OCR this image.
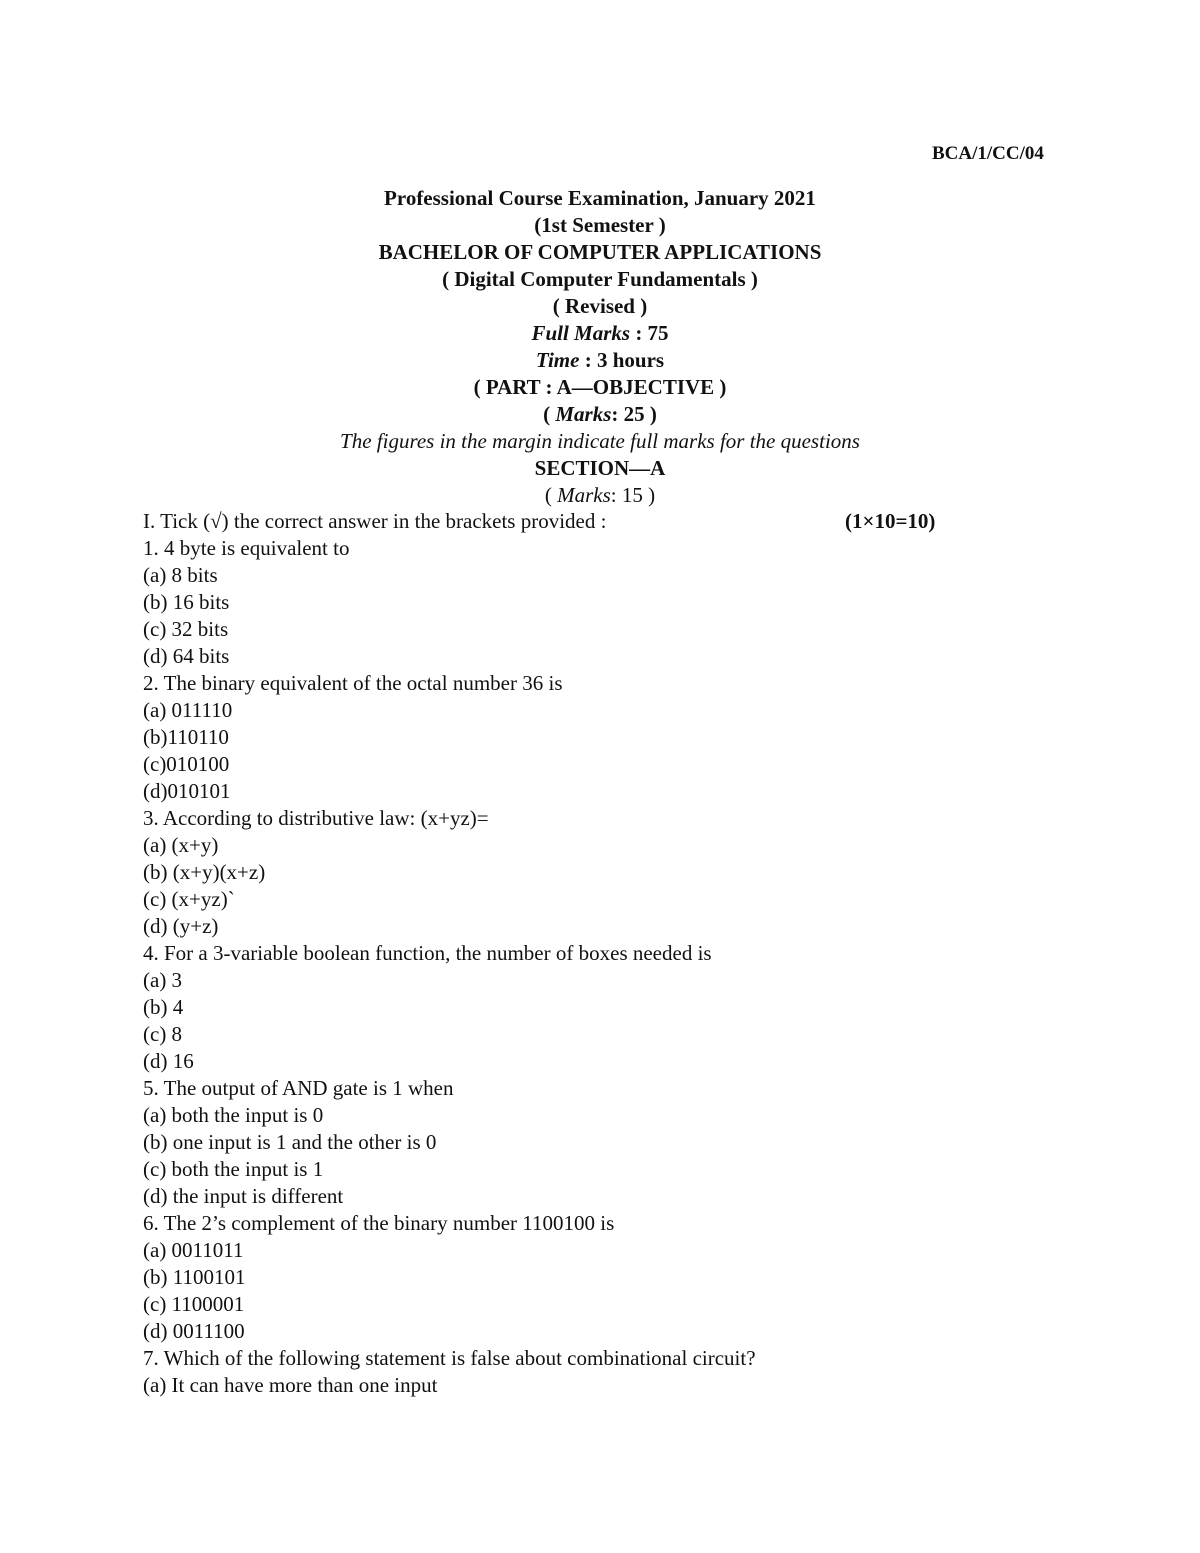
BCA/1/CC/04
Professional Course Examination, January 2021
(1st Semester )
BACHELOR OF COMPUTER APPLICATIONS
( Digital Computer Fundamentals )
( Revised )
Full Marks : 75
Time : 3 hours
( PART : A—OBJECTIVE )
( Marks: 25 )
The figures in the margin indicate full marks for the questions
SECTION—A
( Marks: 15 )
I. Tick (√) the correct answer in the brackets provided :	(1×10=10)
1. 4 byte is equivalent to
(a) 8 bits
(b) 16 bits
(c) 32 bits
(d) 64 bits
2. The binary equivalent of the octal number 36 is
(a) 011110
(b)110110
(c)010100
(d)010101
3. According to distributive law: (x+yz)=
(a) (x+y)
(b) (x+y)(x+z)
(c) (x+yz)`
(d) (y+z)
4. For a 3-variable boolean function, the number of boxes needed is
(a) 3
(b) 4
(c) 8
(d) 16
5. The output of AND gate is 1 when
(a) both the input is 0
(b) one input is 1 and the other is 0
(c) both the input is 1
(d) the input is different
6. The 2’s complement of the binary number 1100100 is
(a) 0011011
(b) 1100101
(c) 1100001
(d) 0011100
7. Which of the following statement is false about combinational circuit?
(a) It can have more than one input
